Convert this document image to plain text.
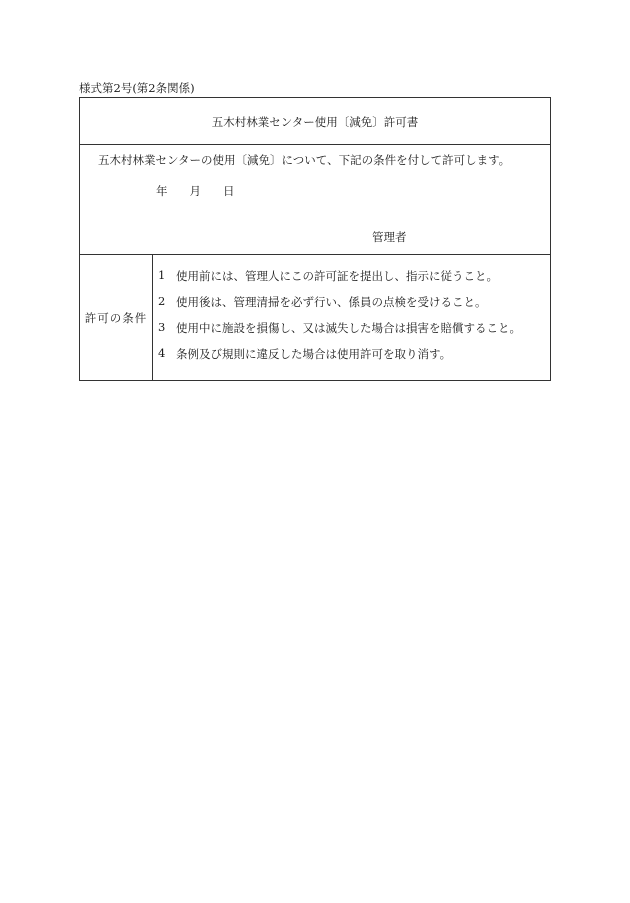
様式第2号(第2条関係)
五木村林業センター使用〔減免〕許可書
五木村林業センターの使用〔減免〕について、下記の条件を付して許可します。
年 月 日
管理者
許可の条件
1 使用前には、管理人にこの許可証を提出し、指示に従うこと。
2 使用後は、管理清掃を必ず行い、係員の点検を受けること。
3 使用中に施設を損傷し、又は滅失した場合は損害を賠償すること。
4 条例及び規則に違反した場合は使用許可を取り消す。
